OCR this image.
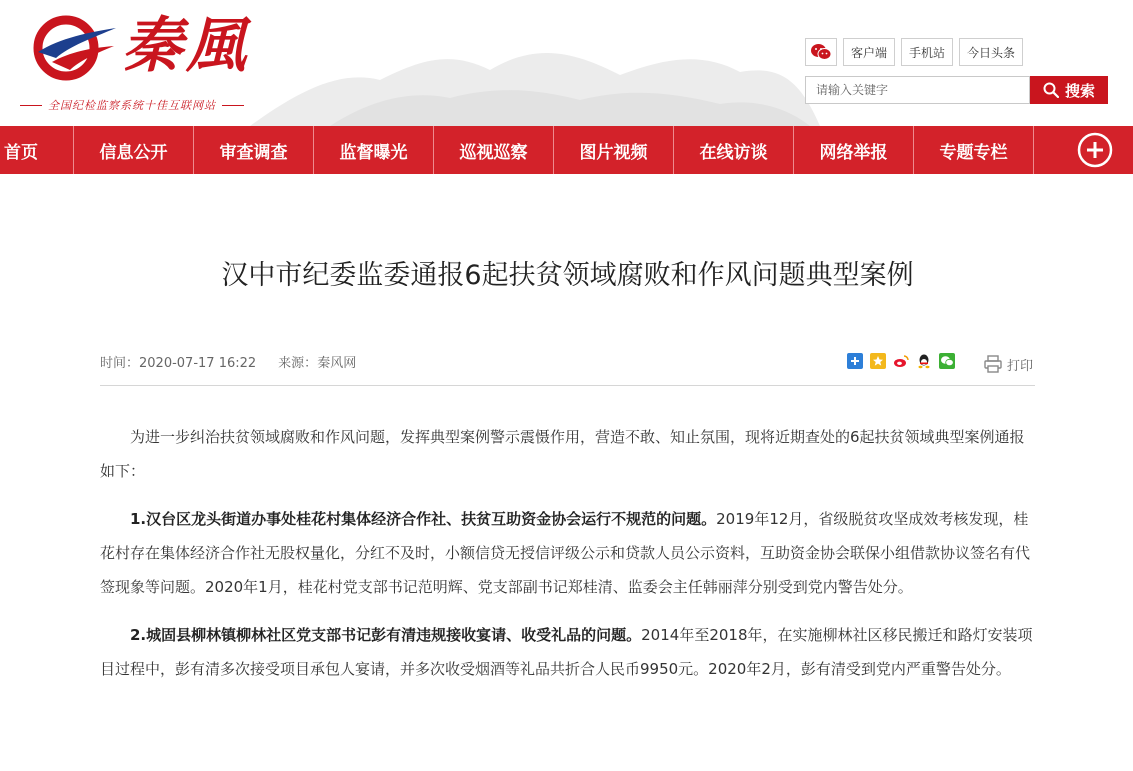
秦風
全国纪检监察系统十佳互联网站
客户端	手机站	今日头条
请输入关键字
搜索
首页	信息公开	审查调查	监督曝光	巡视巡察	图片视频	在线访谈	网络举报	专题专栏
汉中市纪委监委通报6起扶贫领域腐败和作风问题典型案例
时间：2020-07-17 16:22 来源：秦风网	打印

为进一步纠治扶贫领域腐败和作风问题，发挥典型案例警示震慑作用，营造不敢、知止氛围，现将近期查处的6起扶贫领域典型案例通报如下：

1.汉台区龙头街道办事处桂花村集体经济合作社、扶贫互助资金协会运行不规范的问题。2019年12月，省级脱贫攻坚成效考核发现，桂花村存在集体经济合作社无股权量化，分红不及时，小额信贷无授信评级公示和贷款人员公示资料，互助资金协会联保小组借款协议签名有代签现象等问题。2020年1月，桂花村党支部书记范明辉、党支部副书记郑桂清、监委会主任韩丽萍分别受到党内警告处分。

2.城固县柳林镇柳林社区党支部书记彭有清违规接收宴请、收受礼品的问题。2014年至2018年，在实施柳林社区移民搬迁和路灯安装项目过程中，彭有清多次接受项目承包人宴请，并多次收受烟酒等礼品共折合人民币9950元。2020年2月，彭有清受到党内严重警告处分。
